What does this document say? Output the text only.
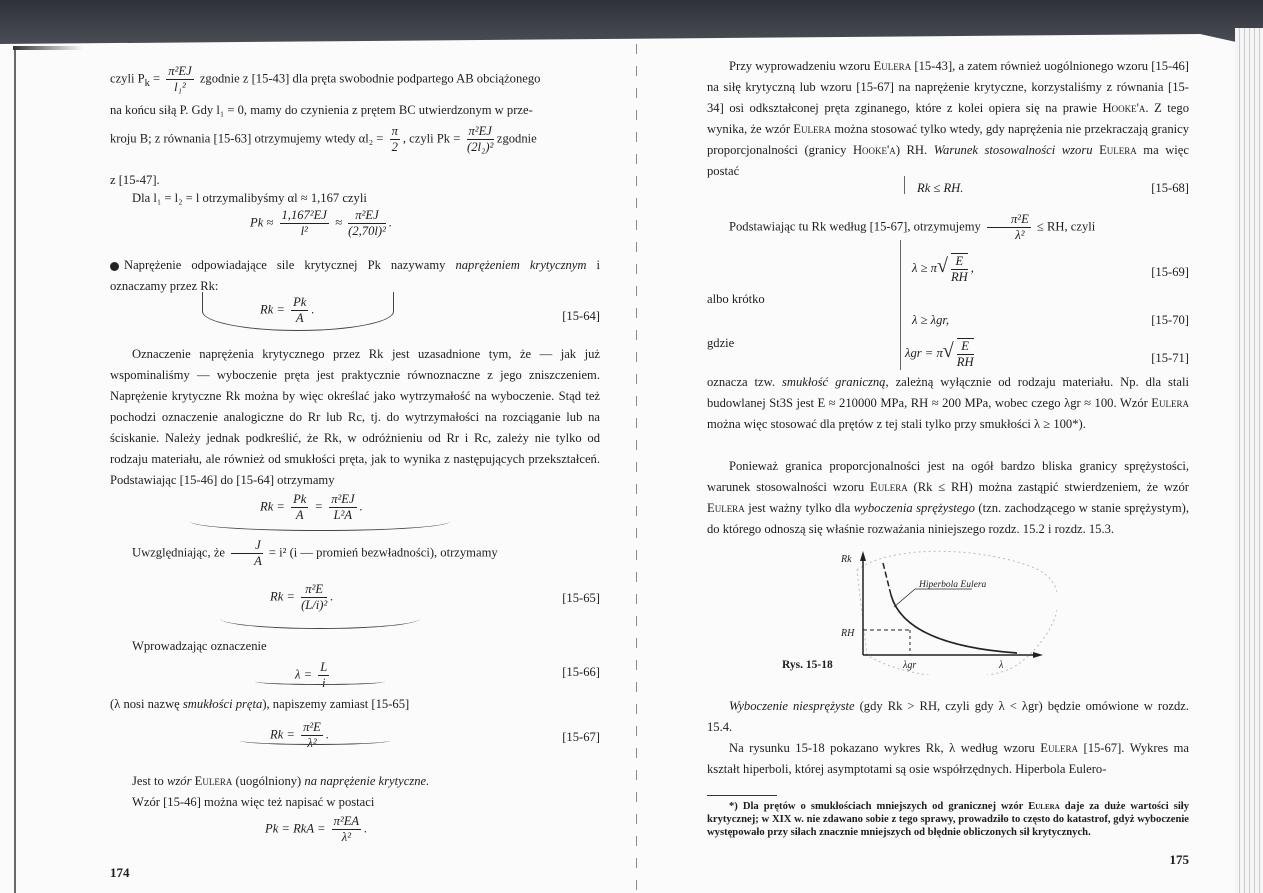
czyli $P_k = \frac{\text{π²EJ}}{\text{l₁²}}$ zgodnie z [15-43] dla pręta swobodnie podpartego AB obciążonego
na końcu siłą P. Gdy l₁ = 0, mamy do czynienia z prętem BC utwierdzonym w prze-
kroju B; z równania [15-63] otrzymujemy wtedy $\alpha l_2 = \frac{\pi}{2}$ , czyli $Pk = \frac{\text{π²EJ}}{\text{(2l₂)²}}$ zgodnie
z [15-47].
Dla l₁ = l₂ = l otrzymalibyśmy αl ≈ 1,167 czyli
$Pk \approx \frac{\text{1,167²EJ}}{\text{l²}} \approx \frac{\text{π²EJ}}{\text{(2,70l)²}}$ .
Naprężenie odpowiadające sile krytycznej Pk nazywamy naprężeniem krytycznym i oznaczamy przez Rk:
$Rk = \frac{Pk}{A}$ .	[15-64]
Oznaczenie naprężenia krytycznego przez Rk jest uzasadnione tym, że — jak już wspominaliśmy — wyboczenie pręta jest praktycznie równoznaczne z jego zniszczeniem. Naprężenie krytyczne Rk można by więc określać jako wytrzymałość na wyboczenie. Stąd też pochodzi oznaczenie analogiczne do Rr lub Rc, tj. do wytrzymałości na rozciąganie lub na ściskanie. Należy jednak podkreślić, że Rk, w odróżnieniu od Rr i Rc, zależy nie tylko od rodzaju materiału, ale również od smukłości pręta, jak to wynika z następujących przekształceń. Podstawiając [15-46] do [15-64] otrzymamy
$Rk = \frac{Pk}{A} = \frac{\text{π²EJ}}{\text{L²A}}$ .
Uwzględniając, że $\frac{J}{A} = i^2$ (i — promień bezwładności), otrzymamy
$Rk = \frac{\text{π²E}}{\text{(L/i)²}}$ .	[15-65]
Wprowadzając oznaczenie
$\lambda = \frac{L}{i}$	[15-66]
(λ nosi nazwę smukłości pręta), napiszemy zamiast [15-65]
$Rk = \frac{\text{π²E}}{\text{λ²}}$ .	[15-67]
Jest to wzór Eulera (uogólniony) na naprężenie krytyczne.
Wzór [15-46] można więc też napisać w postaci
Pk = RkA = $\frac{\text{π²EA}}{\text{λ²}}$ .
174
Przy wyprowadzeniu wzoru Eulera [15-43], a zatem również uogólnionego wzoru [15-46] na siłę krytyczną lub wzoru [15-67] na naprężenie krytyczne, korzystaliśmy z równania [15-34] osi odkształconej pręta zginanego, które z kolei opiera się na prawie Hooke'a. Z tego wynika, że wzór Eulera można stosować tylko wtedy, gdy naprężenia nie przekraczają granicy proporcjonalności (granicy Hooke'a) RH. Warunek stosowalności wzoru Eulera ma więc postać
Rk ≤ RH.	[15-68]
Podstawiając tu Rk według [15-67], otrzymujemy $\frac{\text{π²E}}{\text{λ²}}$ ≤ RH, czyli
$\lambda \ge \pi√ \frac{E}{RH}$ ,	[15-69]
albo krótko
λ ≥ λgr,	[15-70]
gdzie
$\lambda gr = \pi√ \frac{E}{RH}$	[15-71]
oznacza tzw. smukłość graniczną, zależną wyłącznie od rodzaju materiału. Np. dla stali budowlanej St3S jest E ≈ 210000 MPa, RH ≈ 200 MPa, wobec czego λgr ≈ 100. Wzór Eulera można więc stosować dla prętów z tej stali tylko przy smukłości λ ≥ 100*).
Ponieważ granica proporcjonalności jest na ogół bardzo bliska granicy sprężystości, warunek stosowalności wzoru Eulera (Rk ≤ RH) można zastąpić stwierdzeniem, że wzór Eulera jest ważny tylko dla wyboczenia sprężystego (tzn. zachodzącego w stanie sprężystym), do którego odnoszą się właśnie rozważania niniejszego rozdz. 15.2 i rozdz. 15.3.
Rk
RH
λgr	λ
Hiperbola Eulera
Rys. 15-18
Wyboczenie niesprężyste (gdy Rk > RH, czyli gdy λ < λgr) będzie omówione w rozdz. 15.4.
Na rysunku 15-18 pokazano wykres Rk, λ według wzoru Eulera [15-67]. Wykres ma kształt hiperboli, której asymptotami są osie współrzędnych. Hiperbola Eulero-
*) Dla prętów o smukłościach mniejszych od granicznej wzór Eulera daje za duże wartości siły krytycznej; w XIX w. nie zdawano sobie z tego sprawy, prowadziło to często do katastrof, gdyż wyboczenie występowało przy siłach znacznie mniejszych od błędnie obliczonych sił krytycznych.
175
